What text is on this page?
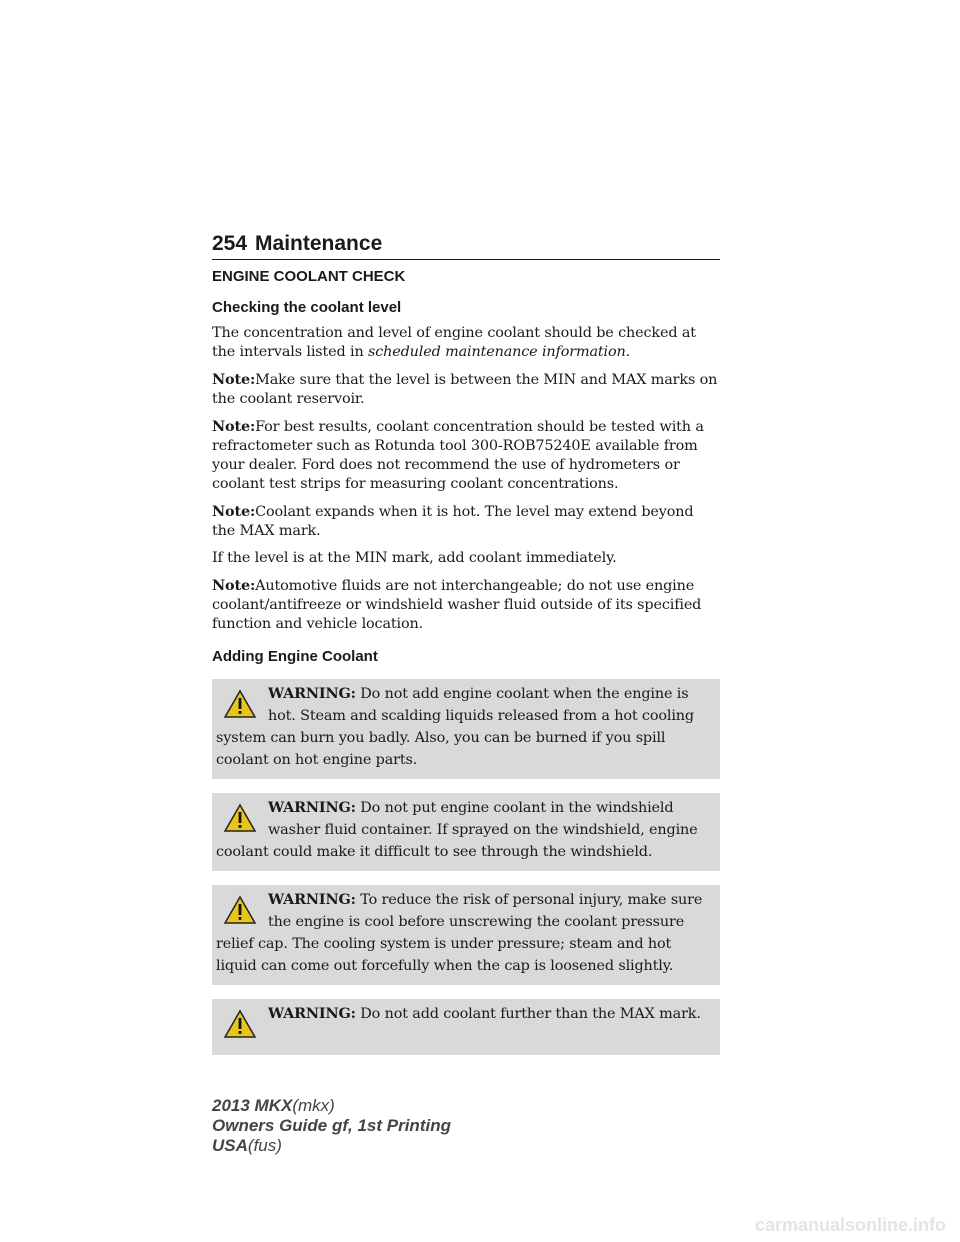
254 Maintenance
ENGINE COOLANT CHECK
Checking the coolant level

The concentration and level of engine coolant should be checked at the intervals listed in scheduled maintenance information.

Note:Make sure that the level is between the MIN and MAX marks on the coolant reservoir.

Note:For best results, coolant concentration should be tested with a refractometer such as Rotunda tool 300-ROB75240E available from your dealer. Ford does not recommend the use of hydrometers or coolant test strips for measuring coolant concentrations.

Note:Coolant expands when it is hot. The level may extend beyond the MAX mark.

If the level is at the MIN mark, add coolant immediately.

Note:Automotive fluids are not interchangeable; do not use engine coolant/antifreeze or windshield washer fluid outside of its specified function and vehicle location.

Adding Engine Coolant
WARNING: Do not add engine coolant when the engine is hot. Steam and scalding liquids released from a hot cooling system can burn you badly. Also, you can be burned if you spill coolant on hot engine parts.
WARNING: Do not put engine coolant in the windshield washer fluid container. If sprayed on the windshield, engine coolant could make it difficult to see through the windshield.
WARNING: To reduce the risk of personal injury, make sure the engine is cool before unscrewing the coolant pressure relief cap. The cooling system is under pressure; steam and hot liquid can come out forcefully when the cap is loosened slightly.
WARNING: Do not add coolant further than the MAX mark.
2013 MKX(mkx)
Owners Guide gf, 1st Printing
USA(fus)
carmanualsonline.info
